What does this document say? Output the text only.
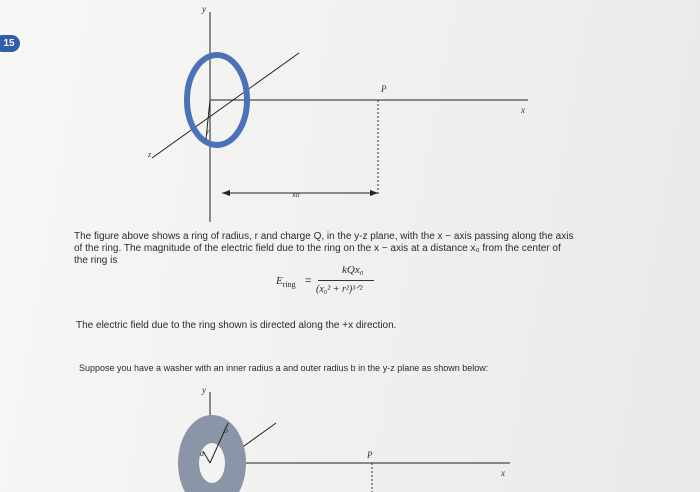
15
y
x
z
P
r
xo
y
x
a
b
P
The figure above shows a ring of radius, r and charge Q, in the y-z plane, with the x − axis passing along the axis of the ring. The magnitude of the electric field due to the ring on the x − axis at a distance x₀ from the center of the ring is
$E_{ring}$ =
kQx₀
(x₀² + r²)³ᐟ²
The electric field due to the ring shown is directed along the +x direction.
Suppose you have a washer with an inner radius a and outer radius b in the y-z plane as shown below:
